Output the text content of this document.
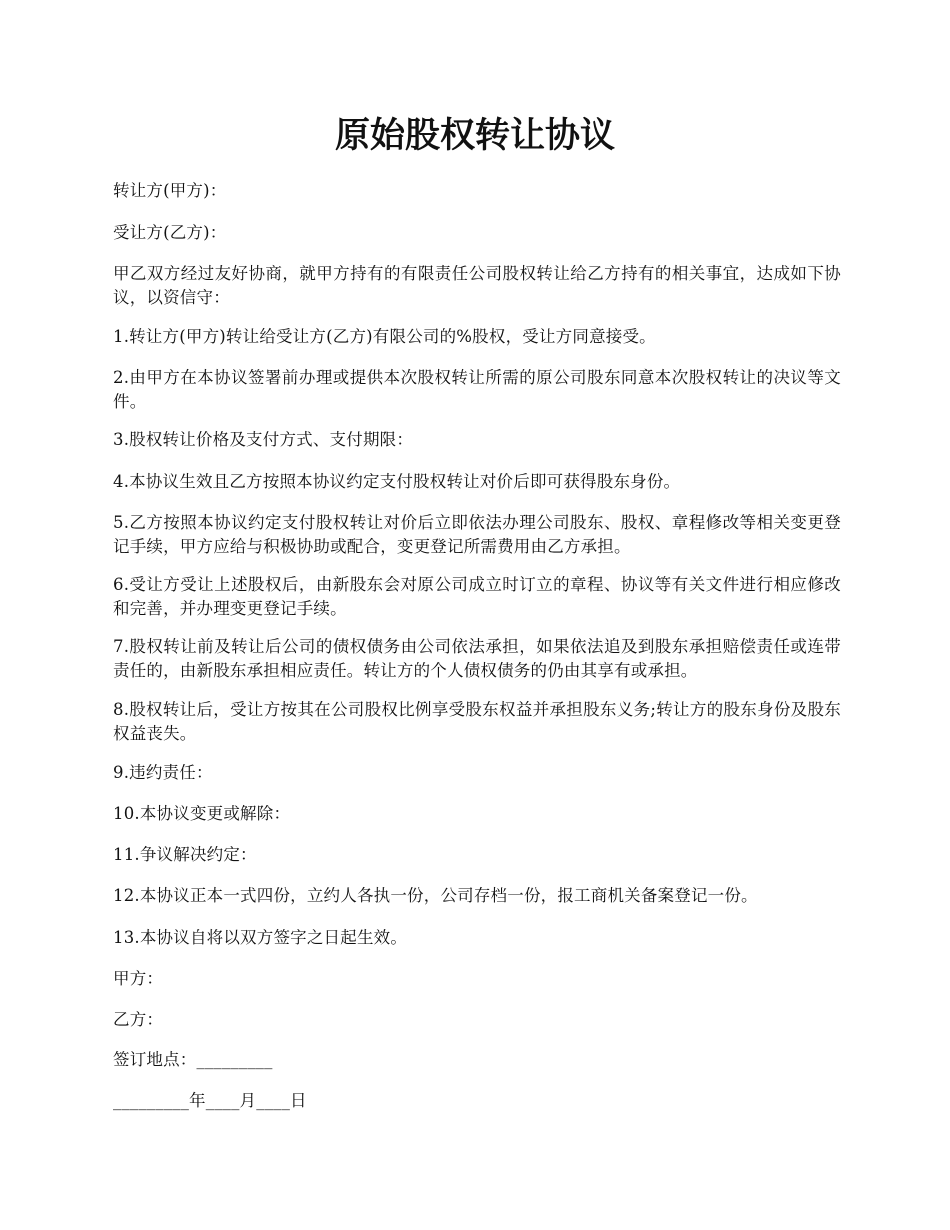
原始股权转让协议
转让方(甲方)：
受让方(乙方)：
甲乙双方经过友好协商，就甲方持有的有限责任公司股权转让给乙方持有的相关事宜，达成如下协议，以资信守：
1.转让方(甲方)转让给受让方(乙方)有限公司的%股权，受让方同意接受。
2.由甲方在本协议签署前办理或提供本次股权转让所需的原公司股东同意本次股权转让的决议等文件。
3.股权转让价格及支付方式、支付期限：
4.本协议生效且乙方按照本协议约定支付股权转让对价后即可获得股东身份。
5.乙方按照本协议约定支付股权转让对价后立即依法办理公司股东、股权、章程修改等相关变更登记手续，甲方应给与积极协助或配合，变更登记所需费用由乙方承担。
6.受让方受让上述股权后，由新股东会对原公司成立时订立的章程、协议等有关文件进行相应修改和完善，并办理变更登记手续。
7.股权转让前及转让后公司的债权债务由公司依法承担，如果依法追及到股东承担赔偿责任或连带责任的，由新股东承担相应责任。转让方的个人债权债务的仍由其享有或承担。
8.股权转让后，受让方按其在公司股权比例享受股东权益并承担股东义务;转让方的股东身份及股东权益丧失。
9.违约责任：
10.本协议变更或解除：
11.争议解决约定：
12.本协议正本一式四份，立约人各执一份，公司存档一份，报工商机关备案登记一份。
13.本协议自将以双方签字之日起生效。
甲方：
乙方：
签订地点：_________
_________年____月____日
